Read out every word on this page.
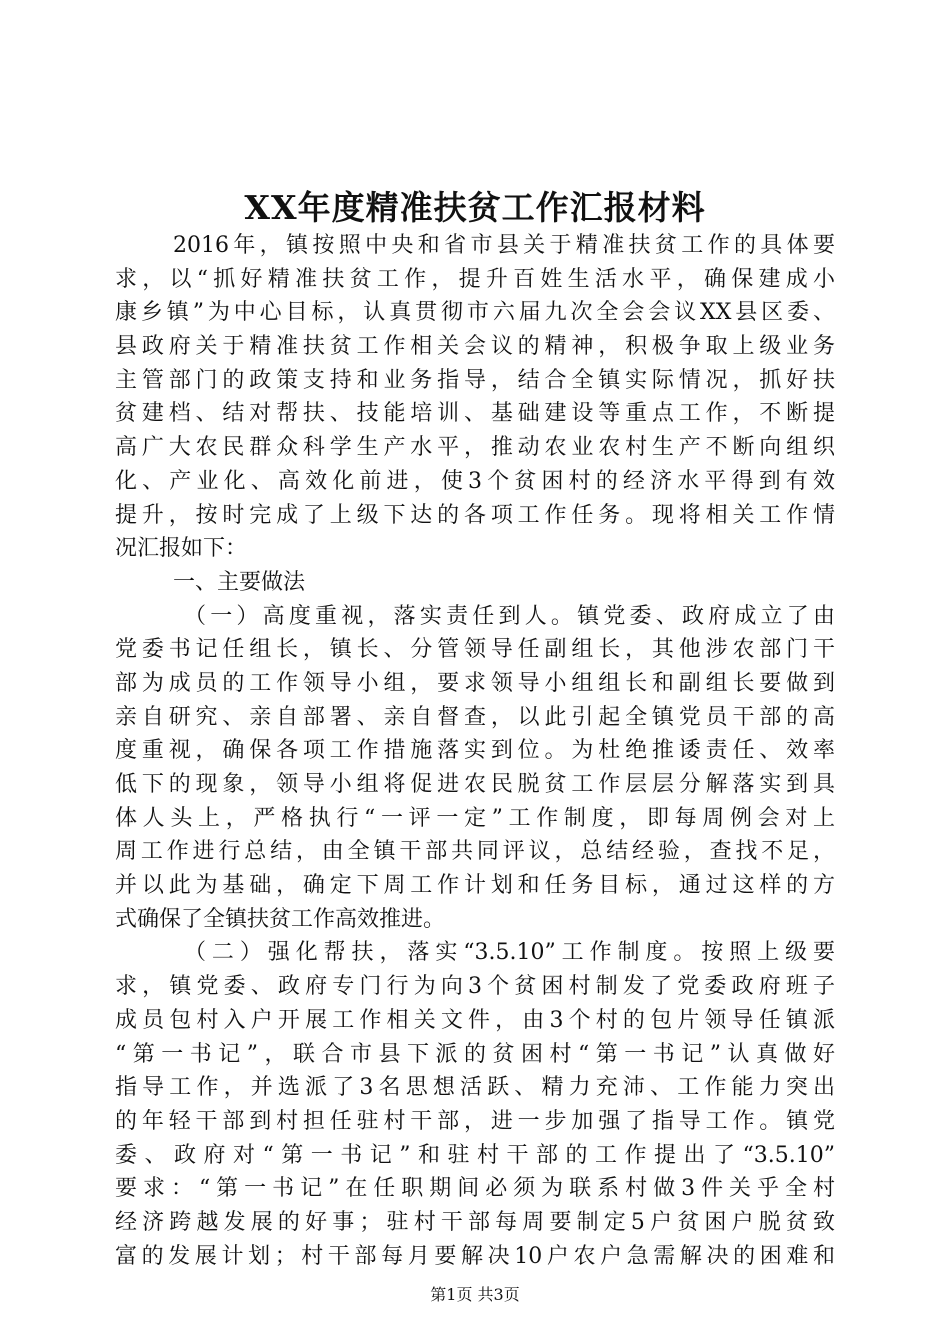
XX年度精准扶贫工作汇报材料
2016年，镇按照中央和省市县关于精准扶贫工作的具体要
求，以“抓好精准扶贫工作，提升百姓生活水平，确保建成小
康乡镇”为中心目标，认真贯彻市六届九次全会会议XX县区委、
县政府关于精准扶贫工作相关会议的精神，积极争取上级业务
主管部门的政策支持和业务指导，结合全镇实际情况，抓好扶
贫建档、结对帮扶、技能培训、基础建设等重点工作，不断提
高广大农民群众科学生产水平，推动农业农村生产不断向组织
化、产业化、高效化前进，使3个贫困村的经济水平得到有效
提升，按时完成了上级下达的各项工作任务。现将相关工作情
况汇报如下：
一、主要做法
（一）高度重视，落实责任到人。镇党委、政府成立了由
党委书记任组长，镇长、分管领导任副组长，其他涉农部门干
部为成员的工作领导小组，要求领导小组组长和副组长要做到
亲自研究、亲自部署、亲自督查，以此引起全镇党员干部的高
度重视，确保各项工作措施落实到位。为杜绝推诿责任、效率
低下的现象，领导小组将促进农民脱贫工作层层分解落实到具
体人头上，严格执行“一评一定”工作制度，即每周例会对上
周工作进行总结，由全镇干部共同评议，总结经验，查找不足，
并以此为基础，确定下周工作计划和任务目标，通过这样的方
式确保了全镇扶贫工作高效推进。
（二）强化帮扶，落实“3.5.10”工作制度。按照上级要
求，镇党委、政府专门行为向3个贫困村制发了党委政府班子
成员包村入户开展工作相关文件，由3个村的包片领导任镇派
“第一书记”，联合市县下派的贫困村“第一书记”认真做好
指导工作，并选派了3名思想活跃、精力充沛、工作能力突出
的年轻干部到村担任驻村干部，进一步加强了指导工作。镇党
委、政府对“第一书记”和驻村干部的工作提出了“3.5.10”
要求：“第一书记”在任职期间必须为联系村做3件关乎全村
经济跨越发展的好事；驻村干部每周要制定5户贫困户脱贫致
富的发展计划；村干部每月要解决10户农户急需解决的困难和
第1页 共3页
